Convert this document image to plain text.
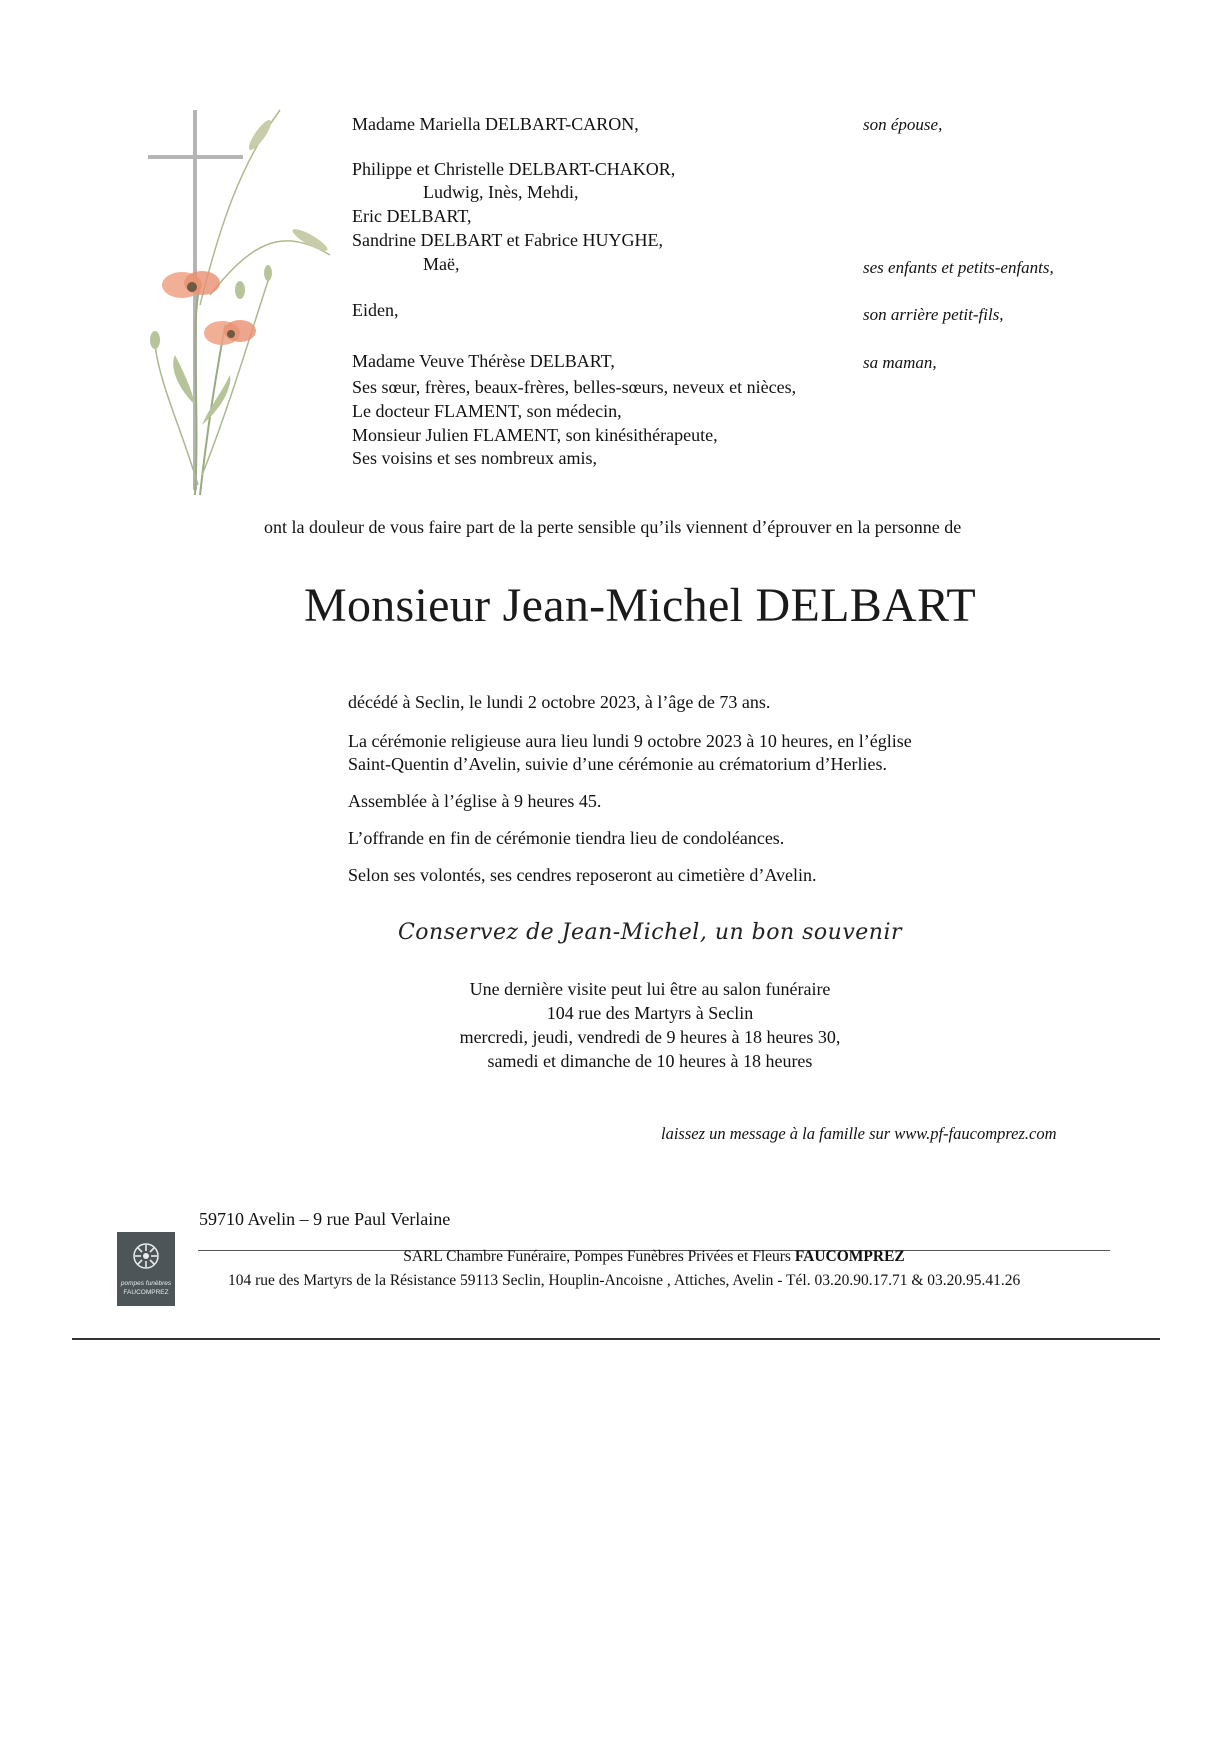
Madame Mariella DELBART-CARON,	son épouse,
Philippe et Christelle DELBART-CHAKOR,
Ludwig, Inès, Mehdi,
Eric DELBART,
Sandrine DELBART et Fabrice HUYGHE,
Maë,	ses enfants et petits-enfants,
Eiden,	son arrière petit-fils,
Madame Veuve Thérèse DELBART,	sa maman,
Ses sœur, frères, beaux-frères, belles-sœurs, neveux et nièces,
Le docteur FLAMENT, son médecin,
Monsieur Julien FLAMENT, son kinésithérapeute,
Ses voisins et ses nombreux amis,
ont la douleur de vous faire part de la perte sensible qu’ils viennent d’éprouver en la personne de
Monsieur Jean-Michel DELBART
décédé à Seclin, le lundi 2 octobre 2023, à l’âge de 73 ans.
La cérémonie religieuse aura lieu lundi 9 octobre 2023 à 10 heures, en l’église
Saint-Quentin d’Avelin, suivie d’une cérémonie au crématorium d’Herlies.
Assemblée à l’église à 9 heures 45.
L’offrande en fin de cérémonie tiendra lieu de condoléances.
Selon ses volontés, ses cendres reposeront au cimetière d’Avelin.
Conservez de Jean-Michel, un bon souvenir
Une dernière visite peut lui être au salon funéraire
104 rue des Martyrs à Seclin
mercredi, jeudi, vendredi de 9 heures à 18 heures 30,
samedi et dimanche de 10 heures à 18 heures
laissez un message à la famille sur www.pf-faucomprez.com
59710 Avelin – 9 rue Paul Verlaine
pompes funèbres
FAUCOMPREZ
SARL Chambre Funéraire, Pompes Funèbres Privées et Fleurs FAUCOMPREZ
104 rue des Martyrs de la Résistance 59113 Seclin, Houplin-Ancoisne , Attiches, Avelin - Tél. 03.20.90.17.71 & 03.20.95.41.26
